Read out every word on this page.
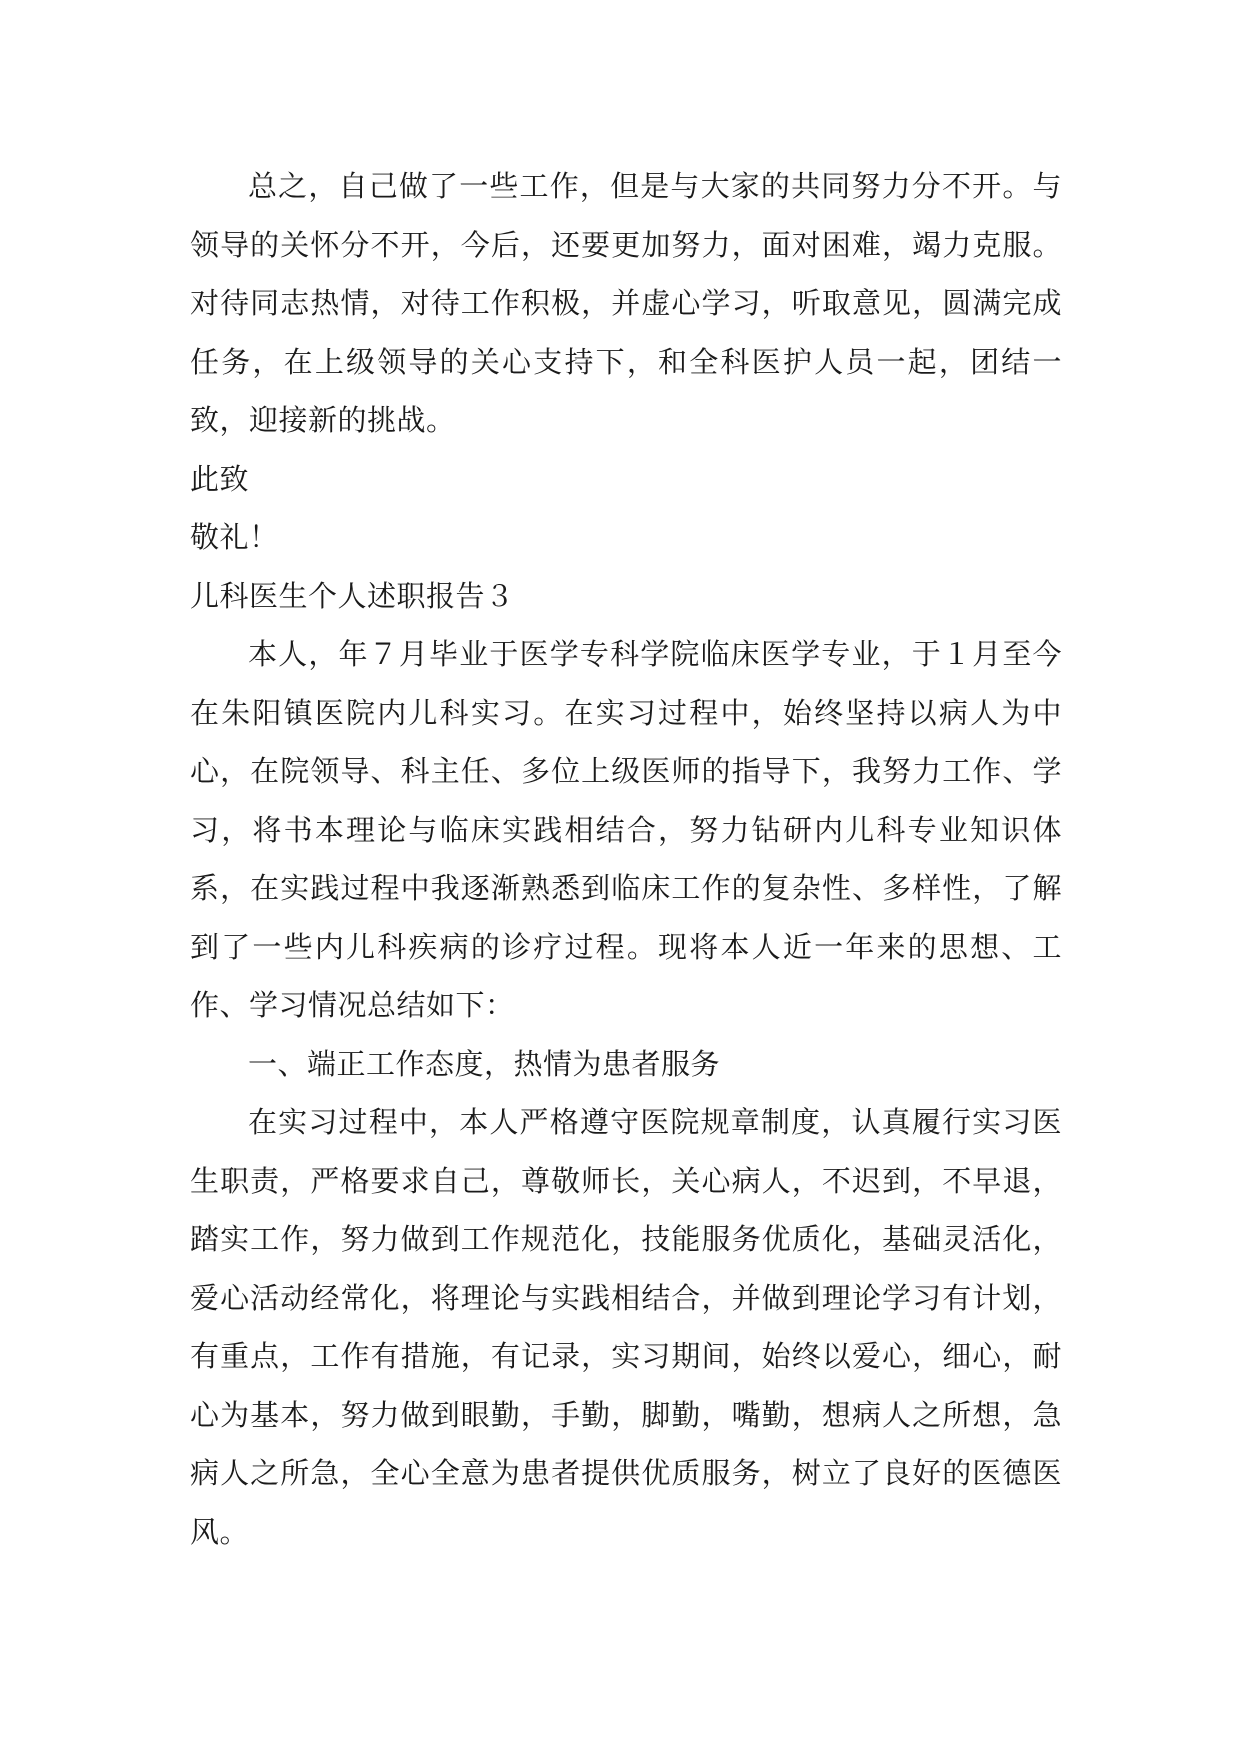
总之，自己做了一些工作，但是与大家的共同努力分不开。与领导的关怀分不开，今后，还要更加努力，面对困难，竭力克服。对待同志热情，对待工作积极，并虚心学习，听取意见，圆满完成任务，在上级领导的关心支持下，和全科医护人员一起，团结一致，迎接新的挑战。

此致

敬礼！

儿科医生个人述职报告３

本人，年７月毕业于医学专科学院临床医学专业，于１月至今在朱阳镇医院内儿科实习。在实习过程中，始终坚持以病人为中心，在院领导、科主任、多位上级医师的指导下，我努力工作、学习，将书本理论与临床实践相结合，努力钻研内儿科专业知识体系，在实践过程中我逐渐熟悉到临床工作的复杂性、多样性，了解到了一些内儿科疾病的诊疗过程。现将本人近一年来的思想、工作、学习情况总结如下：

一、端正工作态度，热情为患者服务

在实习过程中，本人严格遵守医院规章制度，认真履行实习医生职责，严格要求自己，尊敬师长，关心病人，不迟到，不早退，踏实工作，努力做到工作规范化，技能服务优质化，基础灵活化，爱心活动经常化，将理论与实践相结合，并做到理论学习有计划，有重点，工作有措施，有记录，实习期间，始终以爱心，细心，耐心为基本，努力做到眼勤，手勤，脚勤，嘴勤，想病人之所想，急病人之所急，全心全意为患者提供优质服务，树立了良好的医德医风。
